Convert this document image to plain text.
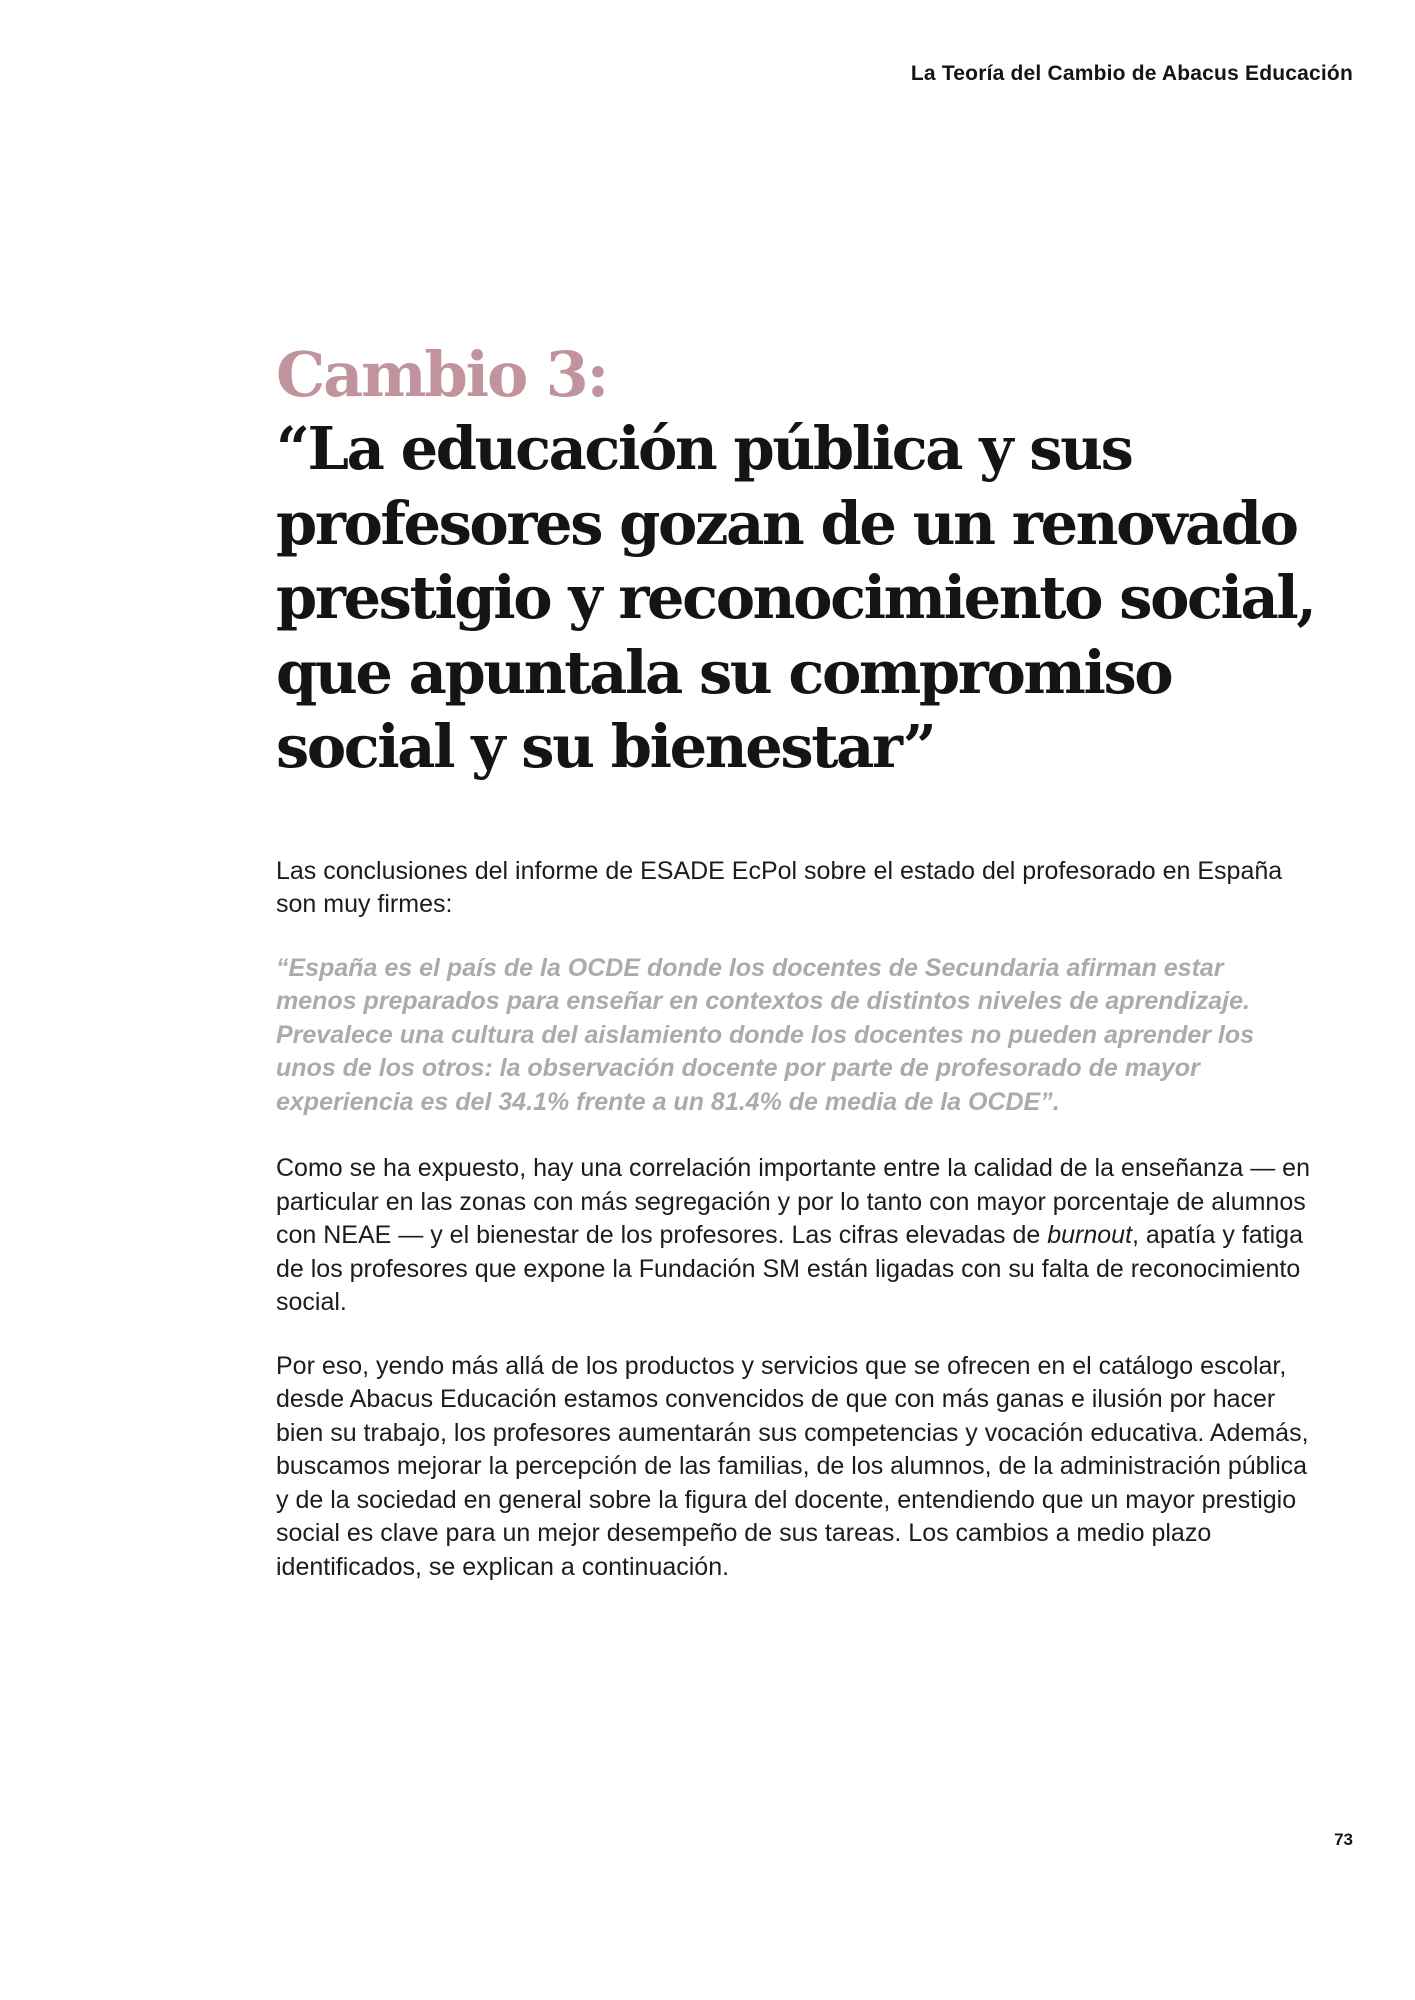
La Teoría del Cambio de Abacus Educación
Cambio 3:
“La educación pública y sus
profesores gozan de un renovado
prestigio y reconocimiento social,
que apuntala su compromiso
social y su bienestar”

Las conclusiones del informe de ESADE EcPol sobre el estado del profesorado en España son muy firmes:

“España es el país de la OCDE donde los docentes de Secundaria afirman estar menos preparados para enseñar en contextos de distintos niveles de aprendizaje. Prevalece una cultura del aislamiento donde los docentes no pueden aprender los unos de los otros: la observación docente por parte de profesorado de mayor experiencia es del 34.1% frente a un 81.4% de media de la OCDE”.

Como se ha expuesto, hay una correlación importante entre la calidad de la enseñanza — en particular en las zonas con más segregación y por lo tanto con mayor porcentaje de alumnos con NEAE — y el bienestar de los profesores. Las cifras elevadas de burnout, apatía y fatiga de los profesores que expone la Fundación SM están ligadas con su falta de reconocimiento social.

Por eso, yendo más allá de los productos y servicios que se ofrecen en el catálogo escolar, desde Abacus Educación estamos convencidos de que con más ganas e ilusión por hacer bien su trabajo, los profesores aumentarán sus competencias y vocación educativa. Además, buscamos mejorar la percepción de las familias, de los alumnos, de la administración pública y de la sociedad en general sobre la figura del docente, entendiendo que un mayor prestigio social es clave para un mejor desempeño de sus tareas. Los cambios a medio plazo identificados, se explican a continuación.

73
